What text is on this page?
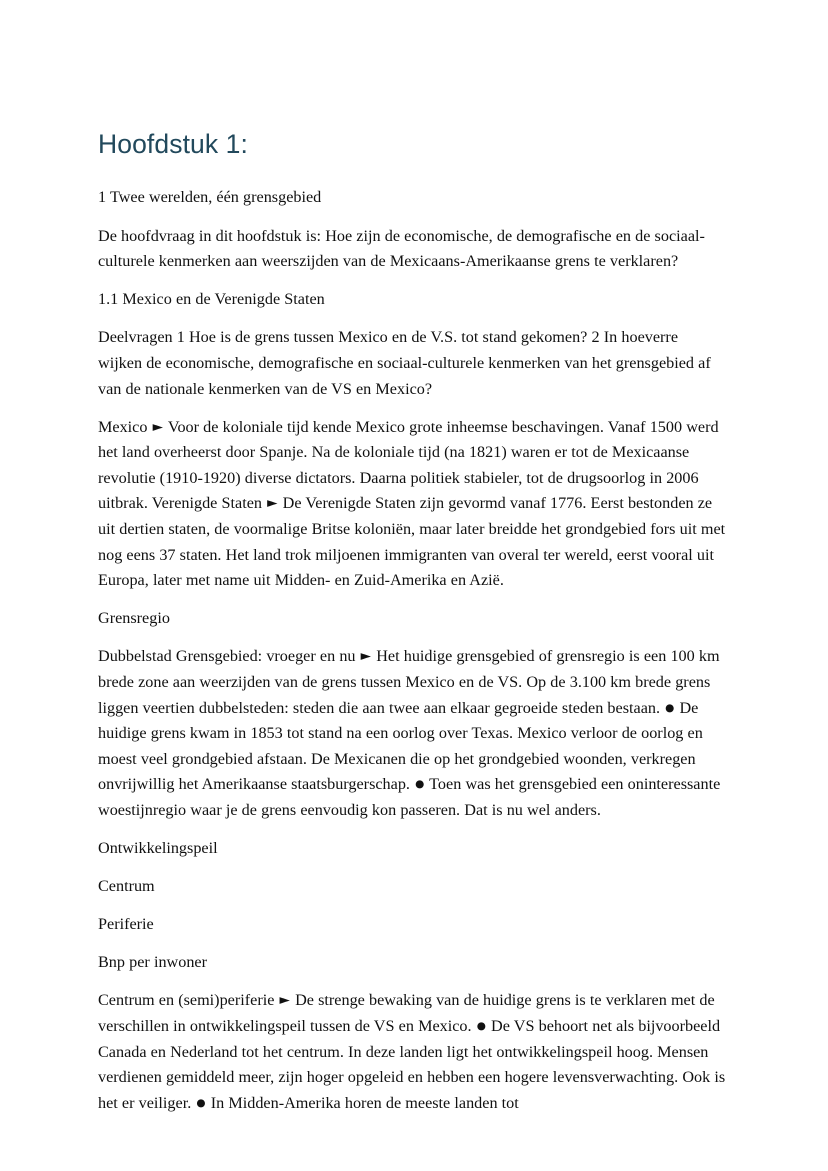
Hoofdstuk 1:

1 Twee werelden, één grensgebied

De hoofdvraag in dit hoofdstuk is: Hoe zijn de economische, de demografische en de sociaal-culturele kenmerken aan weerszijden van de Mexicaans-Amerikaanse grens te verklaren?

1.1 Mexico en de Verenigde Staten

Deelvragen 1 Hoe is de grens tussen Mexico en de V.S. tot stand gekomen? 2 In hoeverre wijken de economische, demografische en sociaal-culturele kenmerken van het grensgebied af van de nationale kenmerken van de VS en Mexico?

Mexico ► Voor de koloniale tijd kende Mexico grote inheemse beschavingen. Vanaf 1500 werd het land overheerst door Spanje. Na de koloniale tijd (na 1821) waren er tot de Mexicaanse revolutie (1910-1920) diverse dictators. Daarna politiek stabieler, tot de drugsoorlog in 2006 uitbrak. Verenigde Staten ► De Verenigde Staten zijn gevormd vanaf 1776. Eerst bestonden ze uit dertien staten, de voormalige Britse koloniën, maar later breidde het grondgebied fors uit met nog eens 37 staten. Het land trok miljoenen immigranten van overal ter wereld, eerst vooral uit Europa, later met name uit Midden- en Zuid-Amerika en Azië.

Grensregio

Dubbelstad Grensgebied: vroeger en nu ► Het huidige grensgebied of grensregio is een 100 km brede zone aan weerzijden van de grens tussen Mexico en de VS. Op de 3.100 km brede grens liggen veertien dubbelsteden: steden die aan twee aan elkaar gegroeide steden bestaan. ● De huidige grens kwam in 1853 tot stand na een oorlog over Texas. Mexico verloor de oorlog en moest veel grondgebied afstaan. De Mexicanen die op het grondgebied woonden, verkregen onvrijwillig het Amerikaanse staatsburgerschap. ● Toen was het grensgebied een oninteressante woestijnregio waar je de grens eenvoudig kon passeren. Dat is nu wel anders.

Ontwikkelingspeil

Centrum

Periferie

Bnp per inwoner

Centrum en (semi)periferie ► De strenge bewaking van de huidige grens is te verklaren met de verschillen in ontwikkelingspeil tussen de VS en Mexico. ● De VS behoort net als bijvoorbeeld Canada en Nederland tot het centrum. In deze landen ligt het ontwikkelingspeil hoog. Mensen verdienen gemiddeld meer, zijn hoger opgeleid en hebben een hogere levensverwachting. Ook is het er veiliger. ● In Midden-Amerika horen de meeste landen tot
